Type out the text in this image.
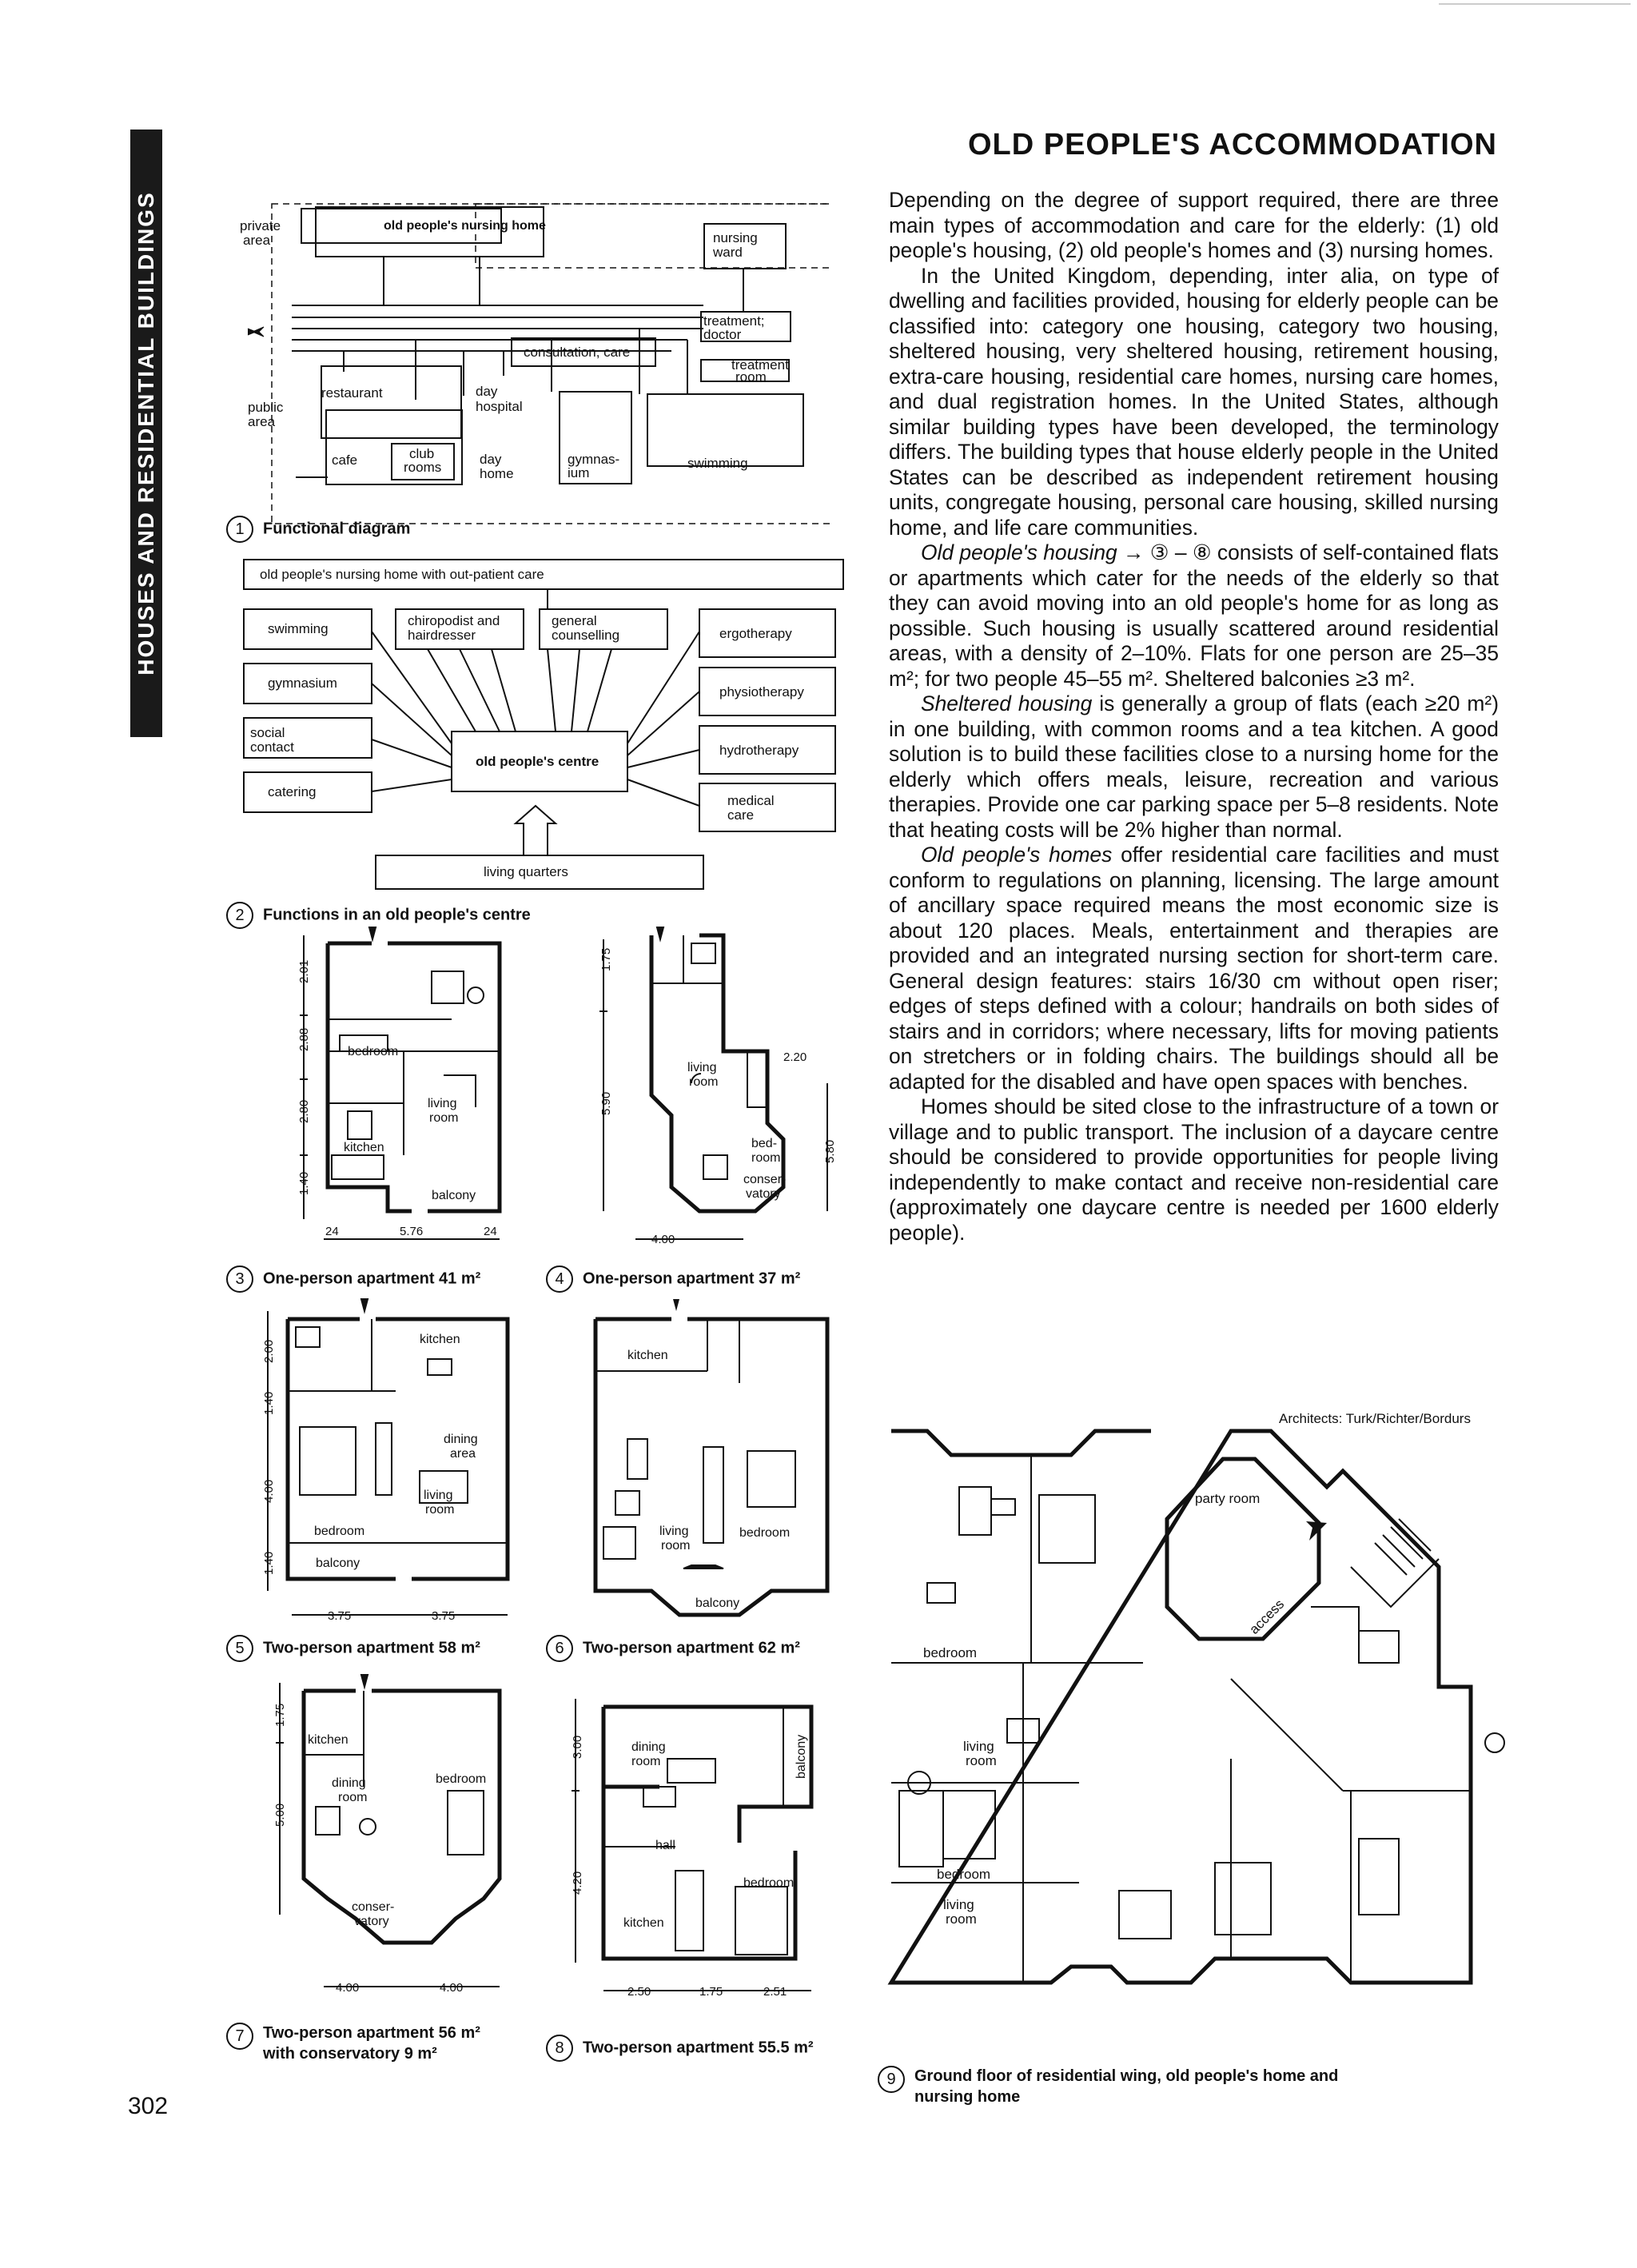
HOUSES AND RESIDENTIAL BUILDINGS
OLD PEOPLE'S ACCOMMODATION

Depending on the degree of support required, there are three main types of accommodation and care for the elderly: (1) old people's housing, (2) old people's homes and (3) nursing homes.

In the United Kingdom, depending, inter alia, on type of dwelling and facilities provided, housing for elderly people can be classified into: category one housing, category two housing, sheltered housing, very sheltered housing, retirement housing, extra-care housing, residential care homes, nursing care homes, and dual registration homes. In the United States, although similar building types have been developed, the terminology differs. The building types that house elderly people in the United States can be described as independent retirement housing units, congregate housing, personal care housing, skilled nursing home, and life care communities.

Old people's housing → ③ – ⑧ consists of self-contained flats or apartments which cater for the needs of the elderly so that they can avoid moving into an old people's home for as long as possible. Such housing is usually scattered around residential areas, with a density of 2–10%. Flats for one person are 25–35 m²; for two people 45–55 m². Sheltered balconies ≥3 m².

Sheltered housing is generally a group of flats (each ≥20 m²) in one building, with common rooms and a tea kitchen. A good solution is to build these facilities close to a nursing home for the elderly which offers meals, leisure, recreation and various therapies. Provide one car parking space per 5–8 residents. Note that heating costs will be 2% higher than normal.

Old people's homes offer residential care facilities and must conform to regulations on planning, licensing. The large amount of ancillary space required means the most economic size is about 120 places. Meals, entertainment and therapies are provided and an integrated nursing section for short-term care. General design features: stairs 16/30 cm without open riser; edges of steps defined with a colour; handrails on both sides of stairs and in corridors; where necessary, lifts for moving patients on stretchers or in folding chairs. The buildings should all be adapted for the disabled and have open spaces with benches.

Homes should be sited close to the infrastructure of a town or village and to public transport. The inclusion of a daycare centre should be considered to provide opportunities for people living independently to make contact and receive non-residential care (approximately one daycare centre is needed per 1600 elderly people).

private
area
old people's nursing home
nursing
ward
treatment;
doctor
treatment
room
consultation, care
restaurant	day
hospital
public
area
cafe	club
rooms
day
home
gymnas-
ium
swimming
1 Functional diagram
old people's nursing home with out-patient care
swimming
gymnasium
social
contact
catering
chiropodist and
hairdresser
general
counselling	ergotherapy
physiotherapy
hydrotherapy
medical
care
old people's centre
living quarters
2 Functions in an old people's centre
bedroom
living
room
kitchen
balcony
2.01
2.88
2.80
1.40
24	5.76	24
3 One-person apartment 41 m²
living
room
bed-
room
conser-
vatory
1.75
5.90
2.20
5.80
4.00
4 One-person apartment 37 m²
kitchen
dining
area
living
room
bedroom
balcony
2.00
1.40
4.00
1.40
3.75	3.75
5 Two-person apartment 58 m²
kitchen
living
room
bedroom
balcony
6 Two-person apartment 62 m²
kitchen
dining
room
bedroom
conser-
vatory
1.75
5.00
4.00	4.00
7 Two-person apartment 56 m²
with conservatory 9 m²
dining
room	balcony
hall
bedroom
kitchen
3.00
4.20
2.50	1.75	2.51
8 Two-person apartment 55.5 m²
Architects: Turk/Richter/Bordurs
party room
access
bedroom
living
room
bedroom
living
room
9 Ground floor of residential wing, old people's home and
nursing home
302
